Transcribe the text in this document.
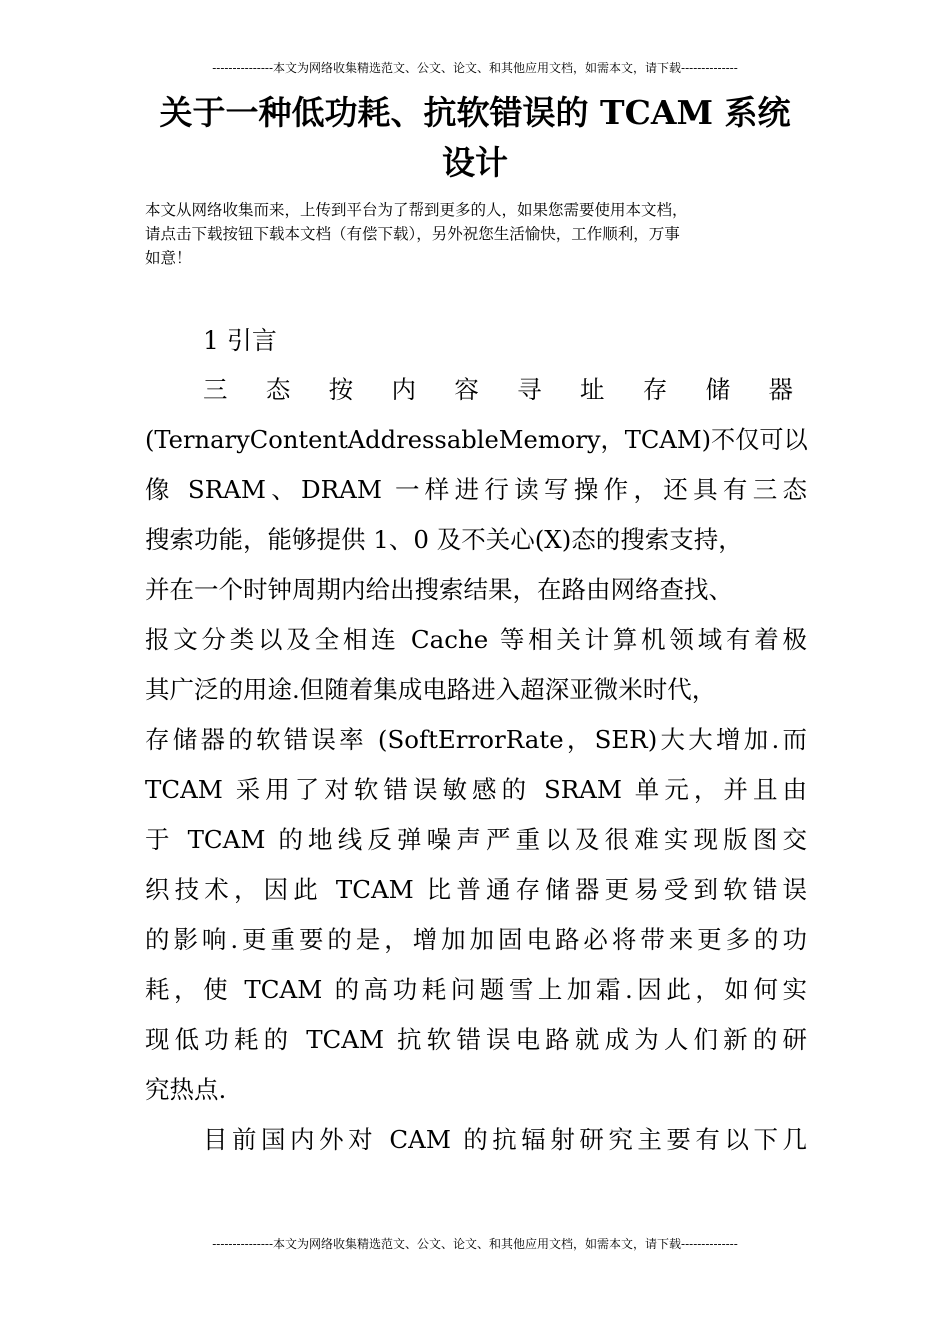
---------------本文为网络收集精选范文、公文、论文、和其他应用文档，如需本文，请下载--------------
关于一种低功耗、抗软错误的 TCAM 系统设计
本文从网络收集而来，上传到平台为了帮到更多的人，如果您需要使用本文档，
请点击下载按钮下载本文档（有偿下载），另外祝您生活愉快，工作顺利，万事
如意！
1 引言
三态按内容寻址存储器
(TernaryContentAddressableMemory，TCAM)不仅可以
像 SRAM、DRAM 一样进行读写操作，还具有三态
搜索功能，能够提供 1、0 及不关心(X)态的搜索支持，
并在一个时钟周期内给出搜索结果，在路由网络查找、
报文分类以及全相连 Cache 等相关计算机领域有着极
其广泛的用途.但随着集成电路进入超深亚微米时代，
存储器的软错误率 (SoftErrorRate，SER)大大增加.而
TCAM 采用了对软错误敏感的 SRAM 单元，并且由
于 TCAM 的地线反弹噪声严重以及很难实现版图交
织技术，因此 TCAM 比普通存储器更易受到软错误
的影响.更重要的是，增加加固电路必将带来更多的功
耗，使 TCAM 的高功耗问题雪上加霜.因此，如何实
现低功耗的 TCAM 抗软错误电路就成为人们新的研
究热点.
目前国内外对 CAM 的抗辐射研究主要有以下几
---------------本文为网络收集精选范文、公文、论文、和其他应用文档，如需本文，请下载--------------
